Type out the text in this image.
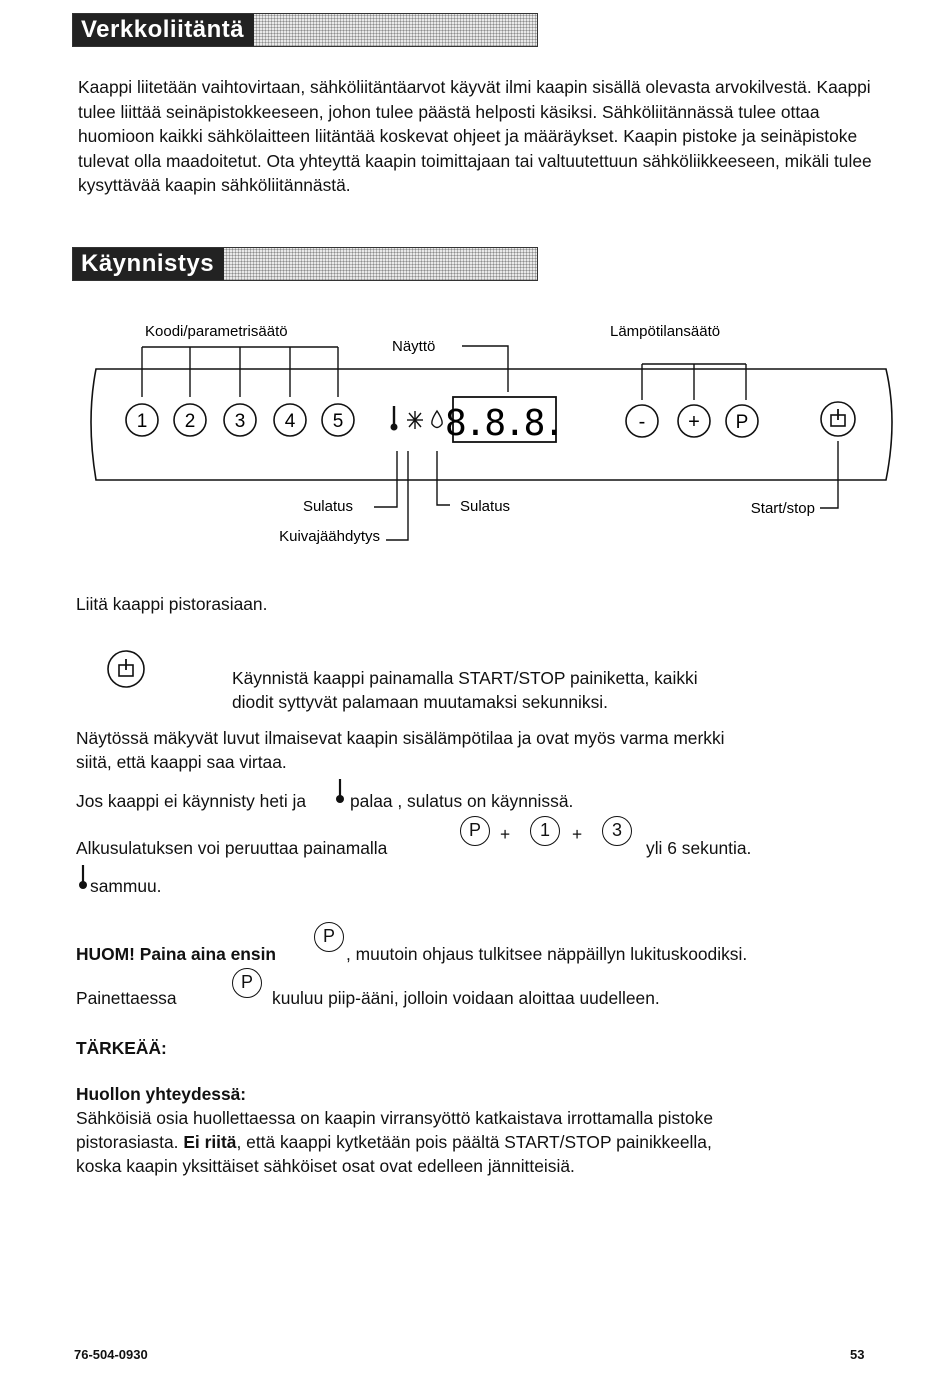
Verkkoliitäntä

Kaappi liitetään vaihtovirtaan, sähköliitäntäarvot käyvät ilmi kaapin sisällä olevasta arvokilvestä. Kaappi tulee liittää seinäpistokkeeseen, johon tulee päästä helposti käsiksi. Sähköliitännässä tulee ottaa huomioon kaikki sähkölaitteen liitäntää koskevat ohjeet ja määräykset. Kaapin pistoke ja seinäpistoke tulevat olla maadoitetut. Ota yhteyttä kaapin toimittajaan tai valtuutettuun sähköliikkeeseen, mikäli tulee kysyttävää kaapin sähköliitännästä.

Käynnistys
Koodi/parametrisäätö
Näyttö
Lämpötilansäätö
1 2 3 4 5	8.8.8.	- + P
Sulatus	Sulatus
Kuivajäähdytys
Start/stop

Liitä kaappi pistorasiaan.

Käynnistä kaappi painamalla START/STOP painiketta, kaikki

diodit syttyvät palamaan muutamaksi sekunniksi.

Näytössä mäkyvät luvut ilmaisevat kaapin sisälämpötilaa ja ovat myös varma merkki

siitä, että kaappi saa virtaa.

Jos kaappi ei käynnisty heti ja	palaa , sulatus on käynnissä.

Alkusulatuksen voi peruuttaa painamalla

P	+	1	+	3

yli 6 sekuntia.

sammuu.

HUOM! Paina aina ensin

P

, muutoin ohjaus tulkitsee näppäillyn lukituskoodiksi.

Painettaessa

P

kuuluu piip-ääni, jolloin voidaan aloittaa uudelleen.

TÄRKEÄÄ:

Huollon yhteydessä:

Sähköisiä osia huollettaessa on kaapin virransyöttö katkaistava irrottamalla pistoke

pistorasiasta. Ei riitä, että kaappi kytketään pois päältä START/STOP painikkeella,

koska kaapin yksittäiset sähköiset osat ovat edelleen jännitteisiä.

76-504-0930	53
